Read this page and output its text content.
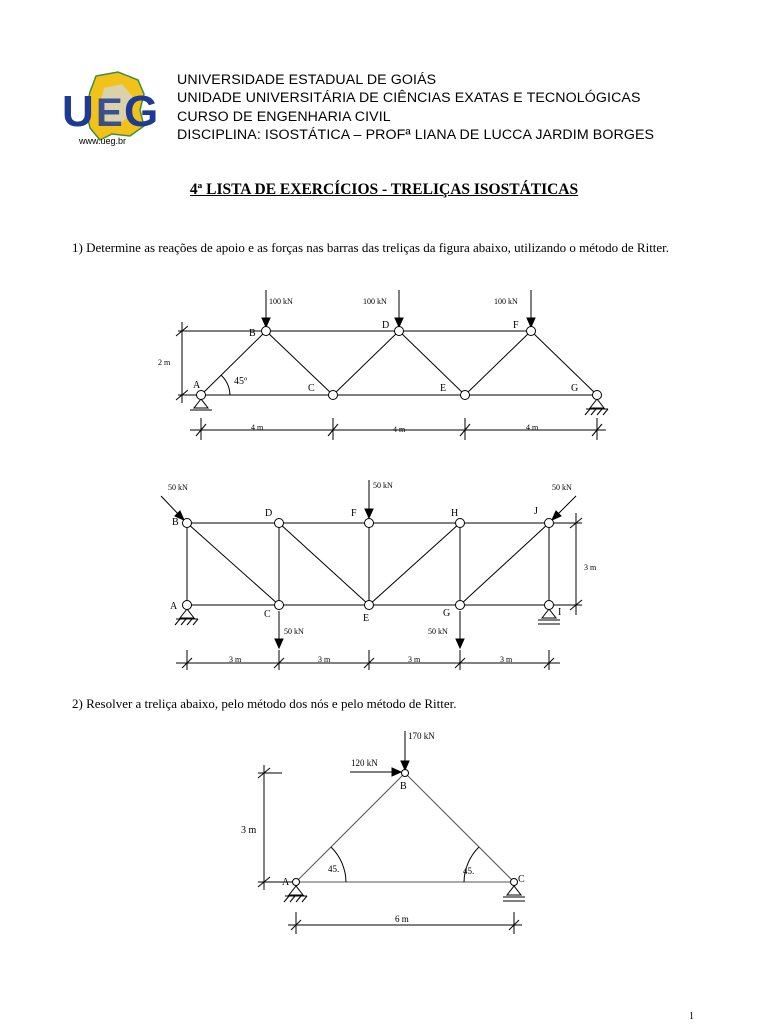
U E G
www.ueg.br
UNIVERSIDADE ESTADUAL DE GOIÁS
UNIDADE UNIVERSITÁRIA DE CIÊNCIAS EXATAS E TECNOLÓGICAS
CURSO DE ENGENHARIA CIVIL
DISCIPLINA: ISOSTÁTICA – PROFª LIANA DE LUCCA JARDIM BORGES
4ª LISTA DE EXERCÍCIOS - TRELIÇAS ISOSTÁTICAS
1) Determine as reações de apoio e as forças nas barras das treliças da figura abaixo, utilizando o método de Ritter.
A
B
C
D
E
F
G
100 kN	100 kN	100 kN
45º
2 m
4 m	4 m	4 m
A
B
C
D
E
F
G
H
I
J
50 kN	50 kN	50 kN
50 kN	50 kN
3 m
3 m	3 m	3 m	3 m
2) Resolver a treliça abaixo, pelo método dos nós e pelo método de Ritter.
A
B
C
170 kN
120 kN
45.	45.
3 m
6 m
1
